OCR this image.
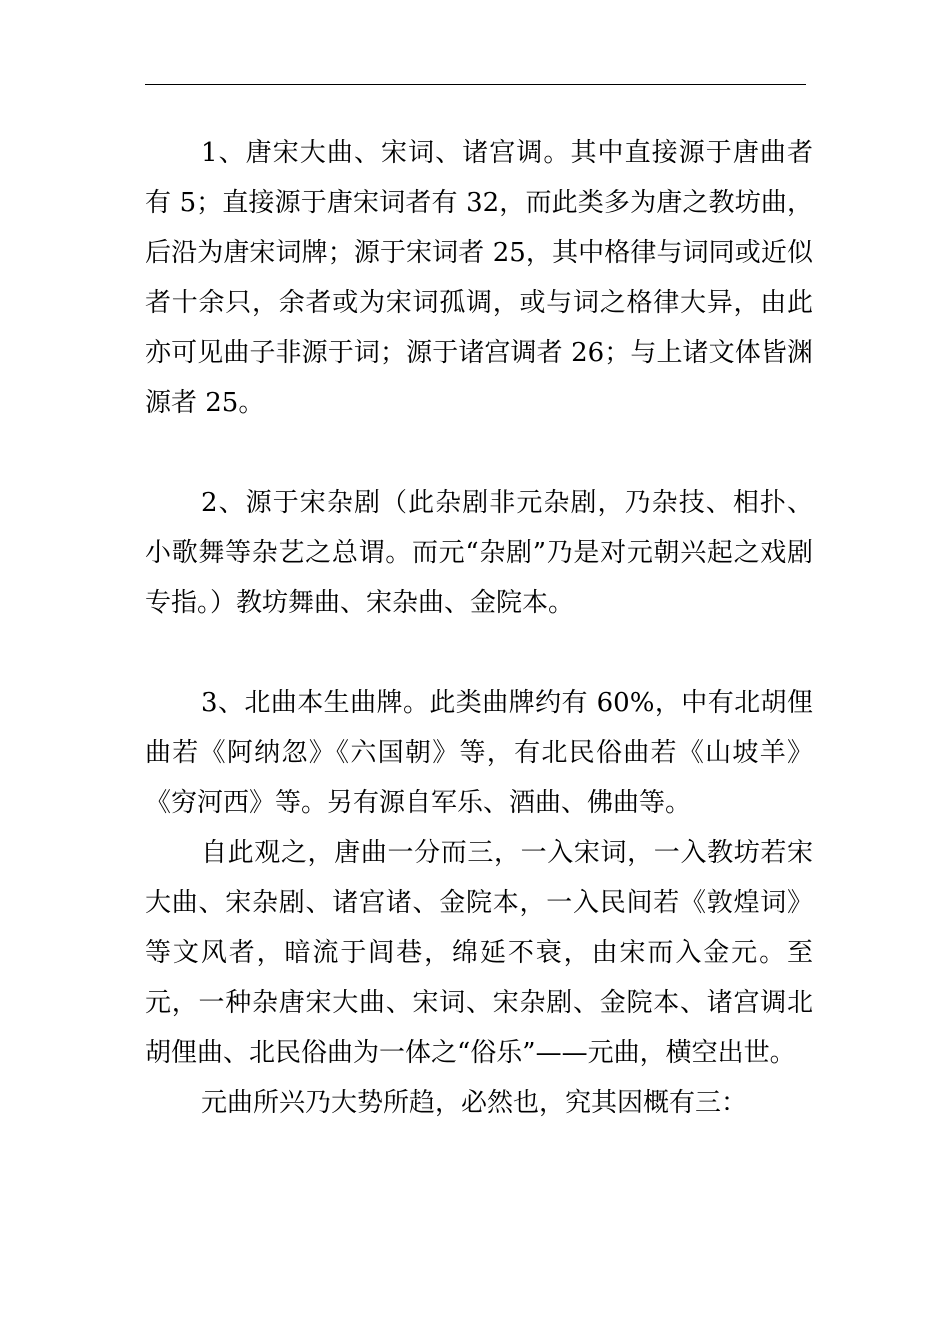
1、唐宋大曲、宋词、诸宫调。其中直接源于唐曲者有 5；直接源于唐宋词者有 32，而此类多为唐之教坊曲，后沿为唐宋词牌；源于宋词者 25，其中格律与词同或近似者十余只，余者或为宋词孤调，或与词之格律大异，由此亦可见曲子非源于词；源于诸宫调者 26；与上诸文体皆渊源者 25。

2、源于宋杂剧（此杂剧非元杂剧，乃杂技、相扑、小歌舞等杂艺之总谓。而元“杂剧”乃是对元朝兴起之戏剧专指。）教坊舞曲、宋杂曲、金院本。

3、北曲本生曲牌。此类曲牌约有 60%，中有北胡俚曲若《阿纳忽》《六国朝》等，有北民俗曲若《山坡羊》《穷河西》等。另有源自军乐、酒曲、佛曲等。

自此观之，唐曲一分而三，一入宋词，一入教坊若宋大曲、宋杂剧、诸宫诸、金院本，一入民间若《敦煌词》等文风者，暗流于闾巷，绵延不衰，由宋而入金元。至元，一种杂唐宋大曲、宋词、宋杂剧、金院本、诸宫调北胡俚曲、北民俗曲为一体之“俗乐”——元曲，横空出世。

元曲所兴乃大势所趋，必然也，究其因概有三：
